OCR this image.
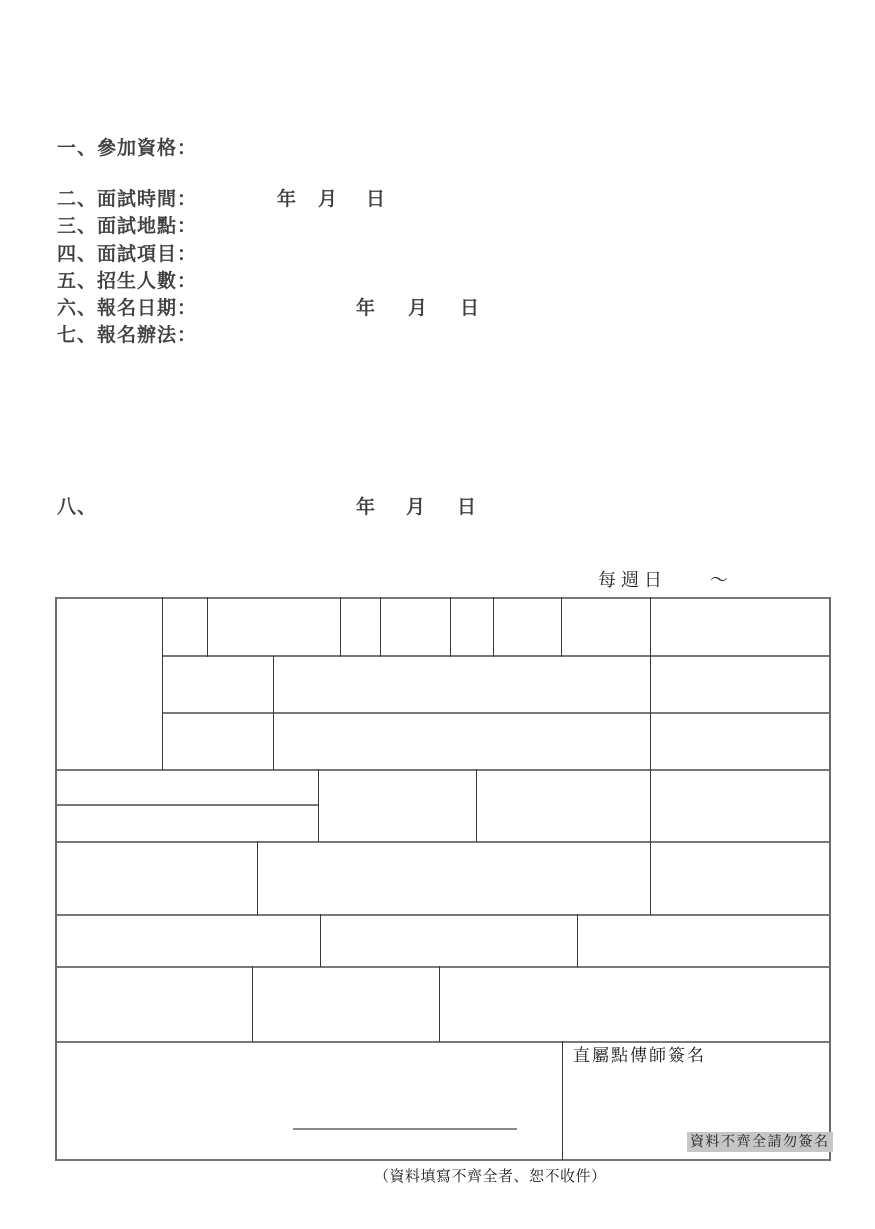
一、參加資格：
二、面試時間：	年 月 日
三、面試地點：
四、面試項目：
五、招生人數：
六、報名日期：	年 月 日
七、報名辦法：
八、	年 月 日
每週日 ～
直屬點傳師簽名
資料不齊全請勿簽名
（資料填寫不齊全者、恕不收件）
